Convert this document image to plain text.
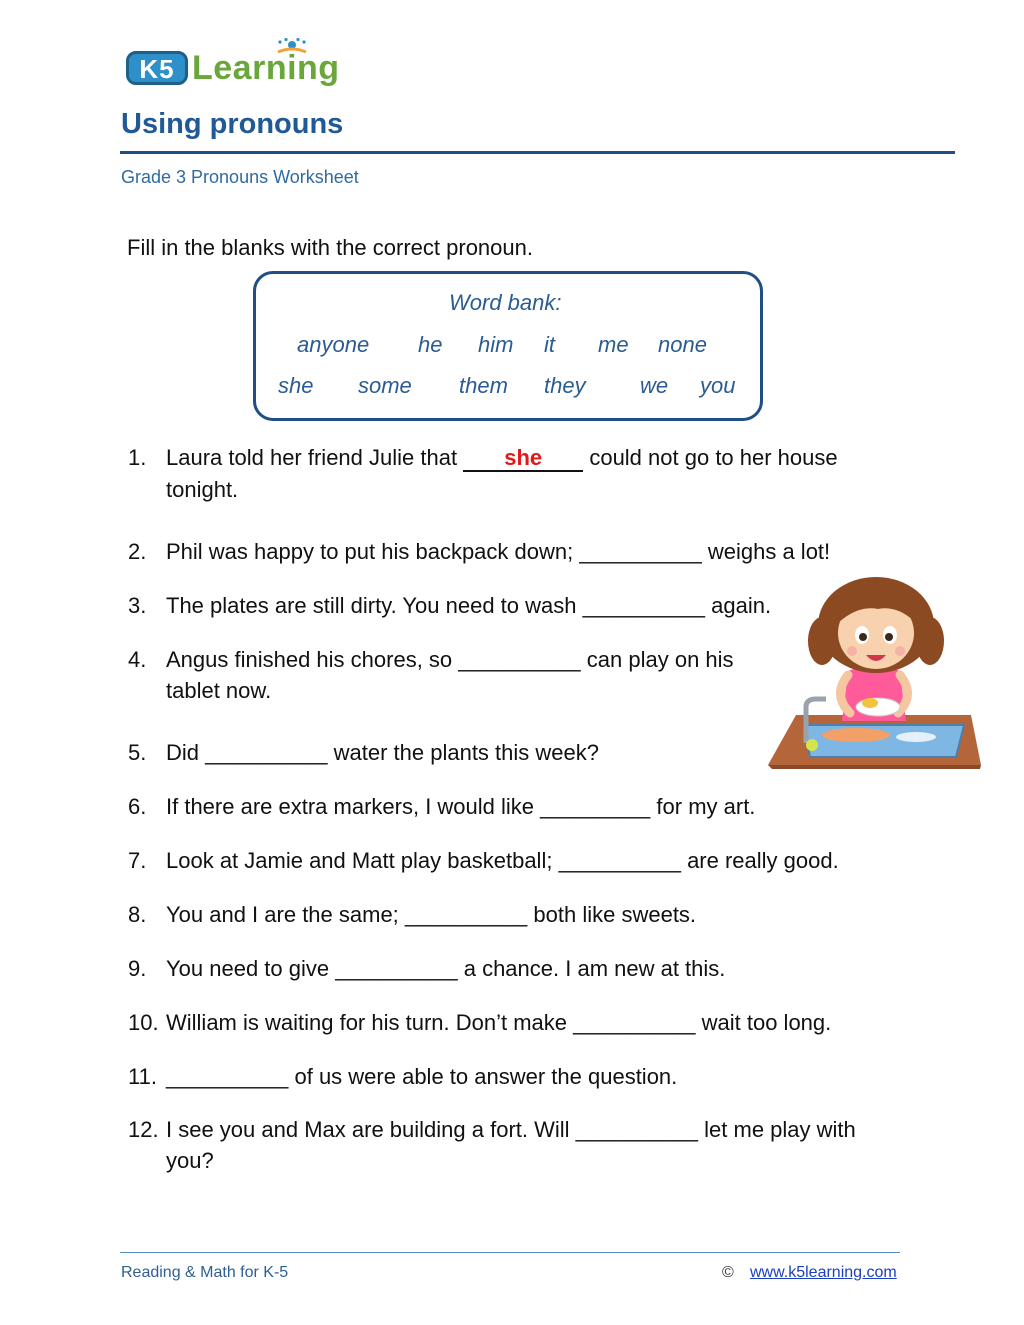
K5 Learning
Using pronouns
Grade 3 Pronouns Worksheet
Fill in the blanks with the correct pronoun.
Word bank:
anyone he him it me none
she some them they we you
1. Laura told her friend Julie that she could not go to her house
tonight.
2. Phil was happy to put his backpack down; __________ weighs a lot!
3. The plates are still dirty. You need to wash __________ again.
4. Angus finished his chores, so __________ can play on his
tablet now.
5. Did __________ water the plants this week?
6. If there are extra markers, I would like _________ for my art.
7. Look at Jamie and Matt play basketball; __________ are really good.
8. You and I are the same; __________ both like sweets.
9. You need to give __________ a chance. I am new at this.
10. William is waiting for his turn. Don’t make __________ wait too long.
11. __________ of us were able to answer the question.
12. I see you and Max are building a fort. Will __________ let me play with
you?
Reading & Math for K-5	© www.k5learning.com
